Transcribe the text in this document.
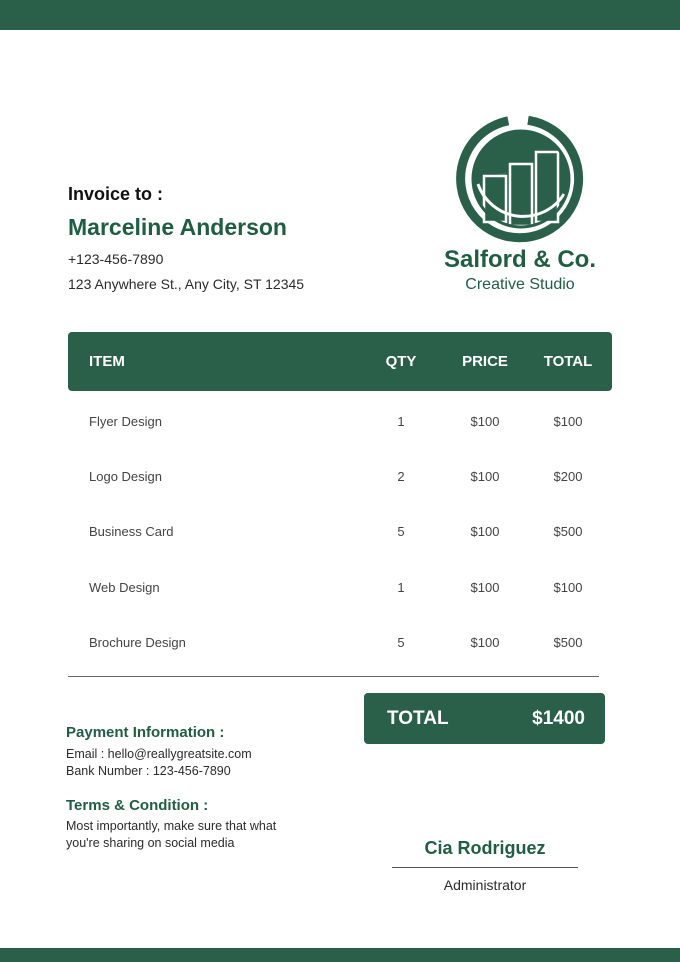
Invoice to :
Marceline Anderson
+123-456-7890
123 Anywhere St., Any City, ST 12345
Salford & Co.
Creative Studio
ITEM	QTY	PRICE	TOTAL
Flyer Design	1	$100	$100
Logo Design	2	$100	$200
Business Card	5	$100	$500
Web Design	1	$100	$100
Brochure Design	5	$100	$500
TOTAL	$1400
Payment Information :
Email : hello@reallygreatsite.com
Bank Number : 123-456-7890
Terms & Condition :
Most importantly, make sure that what
you're sharing on social media	Cia Rodriguez
Administrator
